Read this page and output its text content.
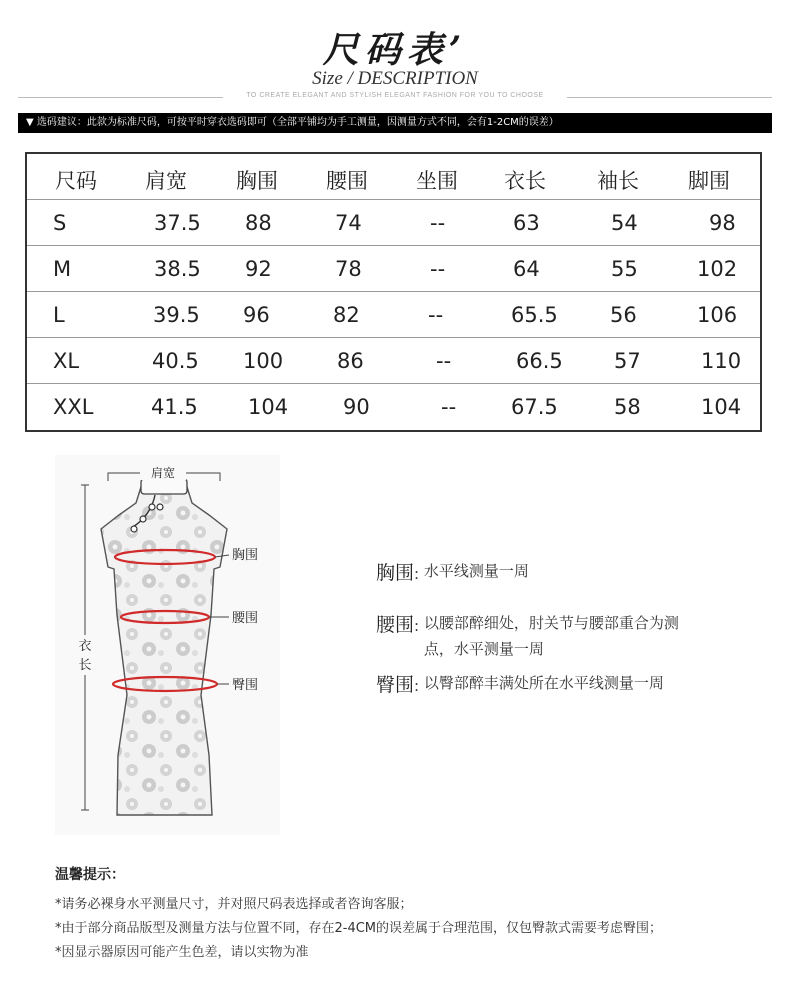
尺码表’
Size / DESCRIPTION
TO CREATE ELEGANT AND STYLISH ELEGANT FASHION FOR YOU TO CHOOSE
▼ 选码建议：此款为标准尺码，可按平时穿衣选码即可（全部平铺均为手工测量，因测量方式不同，会有1-2CM的误差）
尺码 肩宽 胸围 腰围 坐围 衣长 袖长 脚围
S	37.5 88	74	--	63	54	98
M	38.5 92	78	--	64	55	102
L	39.5 96	82	--	65.5 56	106
XL	40.5 100	86	--	66.5 57	110
XXL	41.5 104	90	--	67.5	58	104
肩宽
衣
长
胸围
腰围
臀围
胸围: 水平线测量一周
腰围: 以腰部醉细处，肘关节与腰部重合为测
点，水平测量一周
臀围: 以臀部醉丰满处所在水平线测量一周
温馨提示：
*请务必裸身水平测量尺寸，并对照尺码表选择或者咨询客服；
*由于部分商品版型及测量方法与位置不同，存在2-4CM的误差属于合理范围，仅包臀款式需要考虑臀围；
*因显示器原因可能产生色差，请以实物为准
